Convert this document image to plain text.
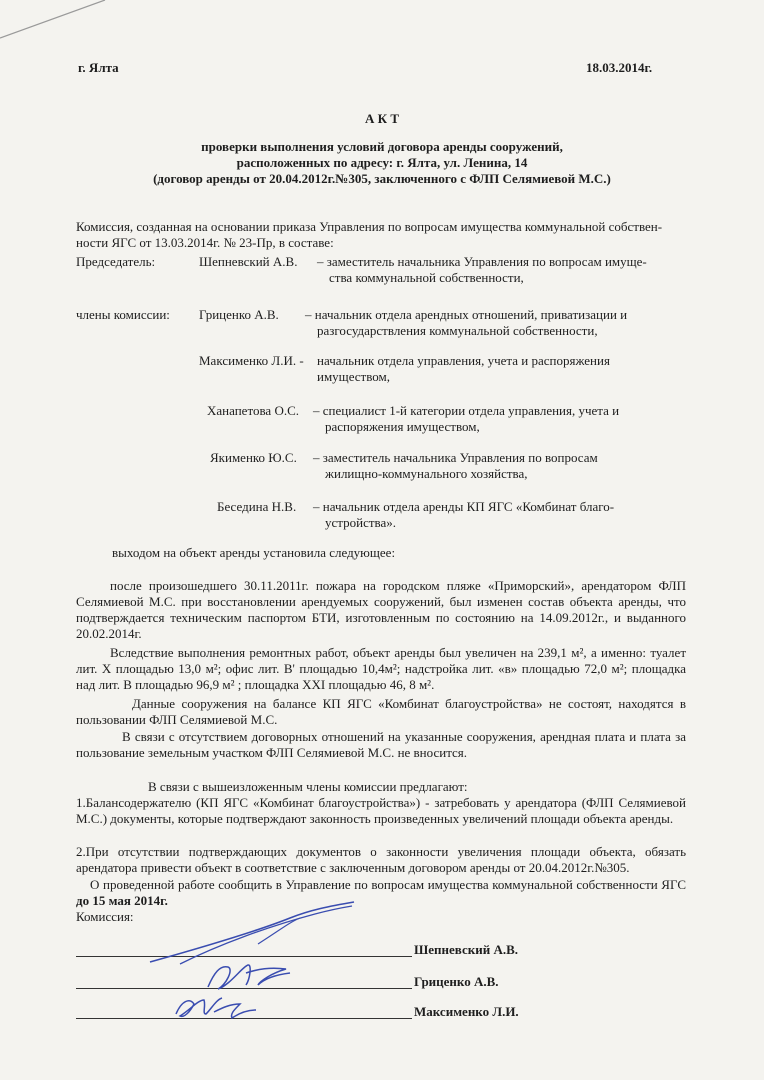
г. Ялта	18.03.2014г.
А К Т
проверки выполнения условий договора аренды сооружений,
расположенных по адресу: г. Ялта, ул. Ленина, 14
(договор аренды от 20.04.2012г.№305, заключенного с ФЛП Селямиевой М.С.)
Комиссия, созданная на основании приказа Управления по вопросам имущества коммунальной собствен-
ности ЯГС от 13.03.2014г. № 23-Пр, в составе:
Председатель:	Шепневский А.В. – заместитель начальника Управления по вопросам имуще-
ства коммунальной собственности,
члены комиссии: Гриценко А.В. – начальник отдела арендных отношений, приватизации и
разгосударствления коммунальной собственности,
Максименко Л.И. - начальник отдела управления, учета и распоряжения
имуществом,
Ханапетова О.С. – специалист 1-й категории отдела управления, учета и
распоряжения имуществом,
Якименко Ю.С. – заместитель начальника Управления по вопросам
жилищно-коммунального хозяйства,
Беседина Н.В. – начальник отдела аренды КП ЯГС «Комбинат благо-
устройства».
выходом на объект аренды установила следующее:
после произошедшего 30.11.2011г. пожара на городском пляже «Приморский», арендатором ФЛП Селямиевой М.С. при восстановлении арендуемых сооружений, был изменен состав объекта аренды, что подтверждается техническим паспортом БТИ, изготовленным по состоянию на 14.09.2012г., и выданного 20.02.2014г.
Вследствие выполнения ремонтных работ, объект аренды был увеличен на 239,1 м², а именно: туалет лит. Х площадью 13,0 м²; офис лит. В' площадью 10,4м²; надстройка лит. «в» площадью 72,0 м²; площадка над лит. В площадью 96,9 м² ; площадка XXI площадью 46, 8 м².
Данные сооружения на балансе КП ЯГС «Комбинат благоустройства» не состоят, находятся в пользовании ФЛП Селямиевой М.С.
В связи с отсутствием договорных отношений на указанные сооружения, арендная плата и плата за пользование земельным участком ФЛП Селямиевой М.С. не вносится.
В связи с вышеизложенным члены комиссии предлагают:
1.Балансодержателю (КП ЯГС «Комбинат благоустройства») - затребовать у арендатора (ФЛП Селямиевой М.С.) документы, которые подтверждают законность произведенных увеличений площади объекта аренды.
2.При отсутствии подтверждающих документов о законности увеличения площади объекта, обязать арендатора привести объект в соответствие с заключенным договором аренды от 20.04.2012г.№305.
О проведенной работе сообщить в Управление по вопросам имущества коммунальной собственности ЯГС до 15 мая 2014г.
Комиссия:
Шепневский А.В.
Гриценко А.В.
Максименко Л.И.
